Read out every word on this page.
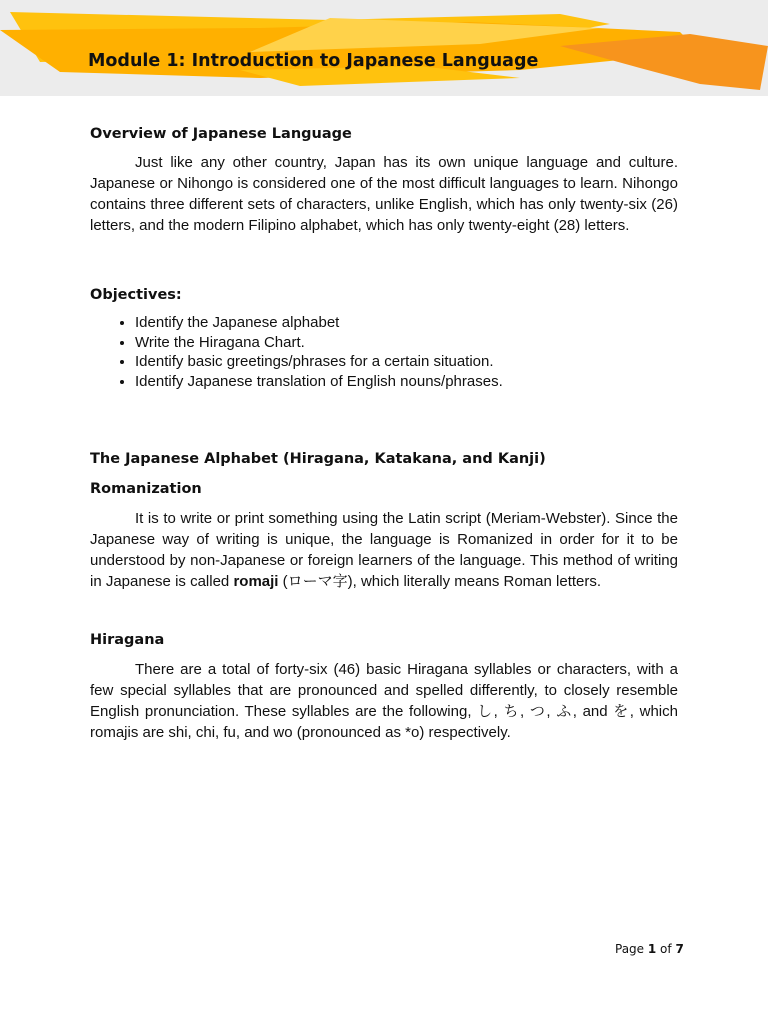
Module 1: Introduction to Japanese Language
Overview of Japanese Language

Just like any other country, Japan has its own unique language and culture. Japanese or Nihongo is considered one of the most difficult languages to learn. Nihongo contains three different sets of characters, unlike English, which has only twenty-six (26) letters, and the modern Filipino alphabet, which has only twenty-eight (28) letters.

Objectives:
• Identify the Japanese alphabet
• Write the Hiragana Chart.
• Identify basic greetings/phrases for a certain situation.
• Identify Japanese translation of English nouns/phrases.
The Japanese Alphabet (Hiragana, Katakana, and Kanji)
Romanization

It is to write or print something using the Latin script (Meriam-Webster). Since the Japanese way of writing is unique, the language is Romanized in order for it to be understood by non-Japanese or foreign learners of the language. This method of writing in Japanese is called romaji (ローマ字), which literally means Roman letters.

Hiragana

There are a total of forty-six (46) basic Hiragana syllables or characters, with a few special syllables that are pronounced and spelled differently, to closely resemble English pronunciation. These syllables are the following, し, ち, つ, ふ, and を, which romajis are shi, chi, fu, and wo (pronounced as *o) respectively.

Page 1 of 7
